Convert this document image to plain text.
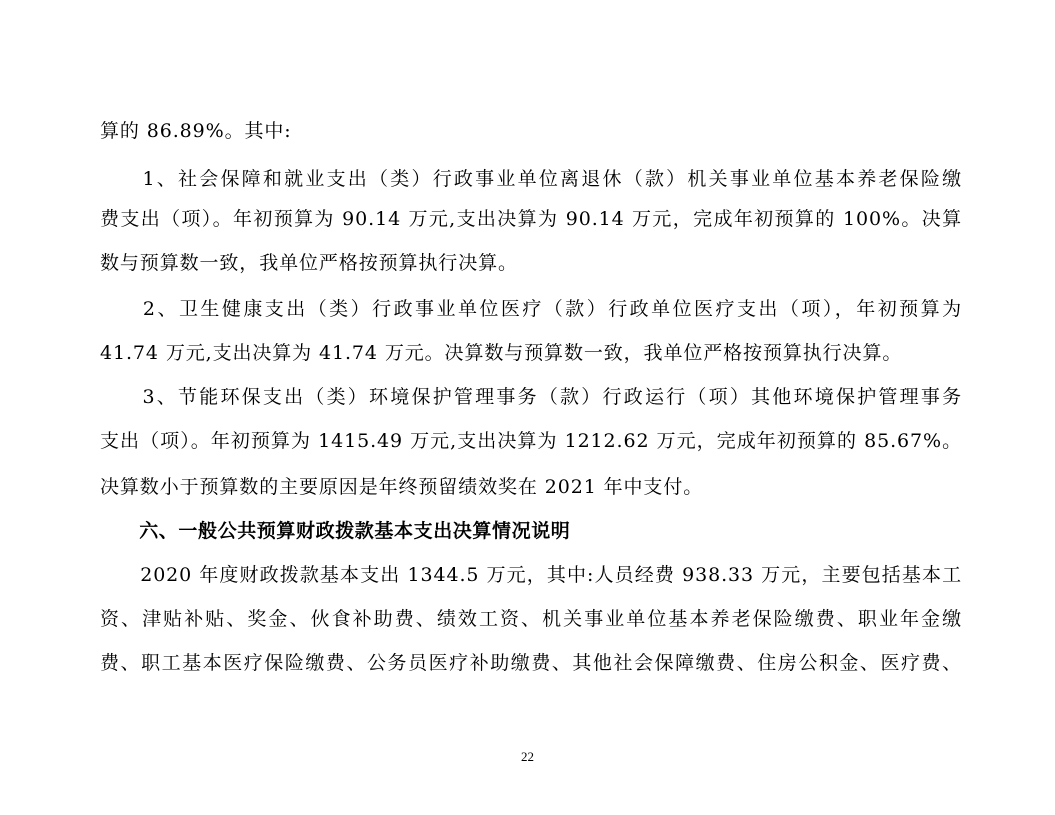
算的 86.89%。其中:
　　1、社会保障和就业支出（类）行政事业单位离退休（款）机关事业单位基本养老保险缴
费支出（项）。年初预算为 90.14 万元,支出决算为 90.14 万元，完成年初预算的 100%。决算
数与预算数一致，我单位严格按预算执行决算。
　　2、卫生健康支出（类）行政事业单位医疗（款）行政单位医疗支出（项），年初预算为
41.74 万元,支出决算为 41.74 万元。决算数与预算数一致，我单位严格按预算执行决算。
　　3、节能环保支出（类）环境保护管理事务（款）行政运行（项）其他环境保护管理事务
支出（项）。年初预算为 1415.49 万元,支出决算为 1212.62 万元，完成年初预算的 85.67%。
决算数小于预算数的主要原因是年终预留绩效奖在 2021 年中支付。
　　六、一般公共预算财政拨款基本支出决算情况说明
　　2020 年度财政拨款基本支出 1344.5 万元，其中:人员经费 938.33 万元，主要包括基本工
资、津贴补贴、奖金、伙食补助费、绩效工资、机关事业单位基本养老保险缴费、职业年金缴
费、职工基本医疗保险缴费、公务员医疗补助缴费、其他社会保障缴费、住房公积金、医疗费、
22
